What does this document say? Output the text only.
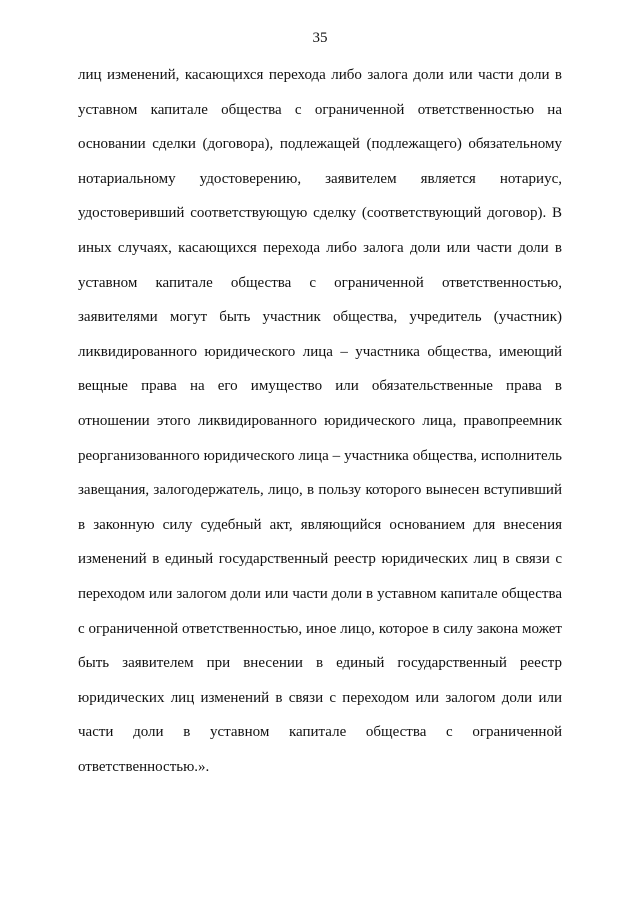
35
лиц изменений, касающихся перехода либо залога доли или части доли в
уставном капитале общества с ограниченной ответственностью на
основании сделки (договора), подлежащей (подлежащего) обязательному
нотариальному удостоверению, заявителем является нотариус,
удостоверивший соответствующую сделку (соответствующий договор). В
иных случаях, касающихся перехода либо залога доли или части доли в
уставном капитале общества с ограниченной ответственностью,
заявителями могут быть участник общества, учредитель (участник)
ликвидированного юридического лица – участника общества, имеющий
вещные права на его имущество или обязательственные права в
отношении этого ликвидированного юридического лица, правопреемник
реорганизованного юридического лица – участника общества, исполнитель
завещания, залогодержатель, лицо, в пользу которого вынесен вступивший
в законную силу судебный акт, являющийся основанием для внесения
изменений в единый государственный реестр юридических лиц в связи с
переходом или залогом доли или части доли в уставном капитале общества
с ограниченной ответственностью, иное лицо, которое в силу закона может
быть заявителем при внесении в единый государственный реестр
юридических лиц изменений в связи с переходом или залогом доли или
части доли в уставном капитале общества с ограниченной
ответственностью.».
